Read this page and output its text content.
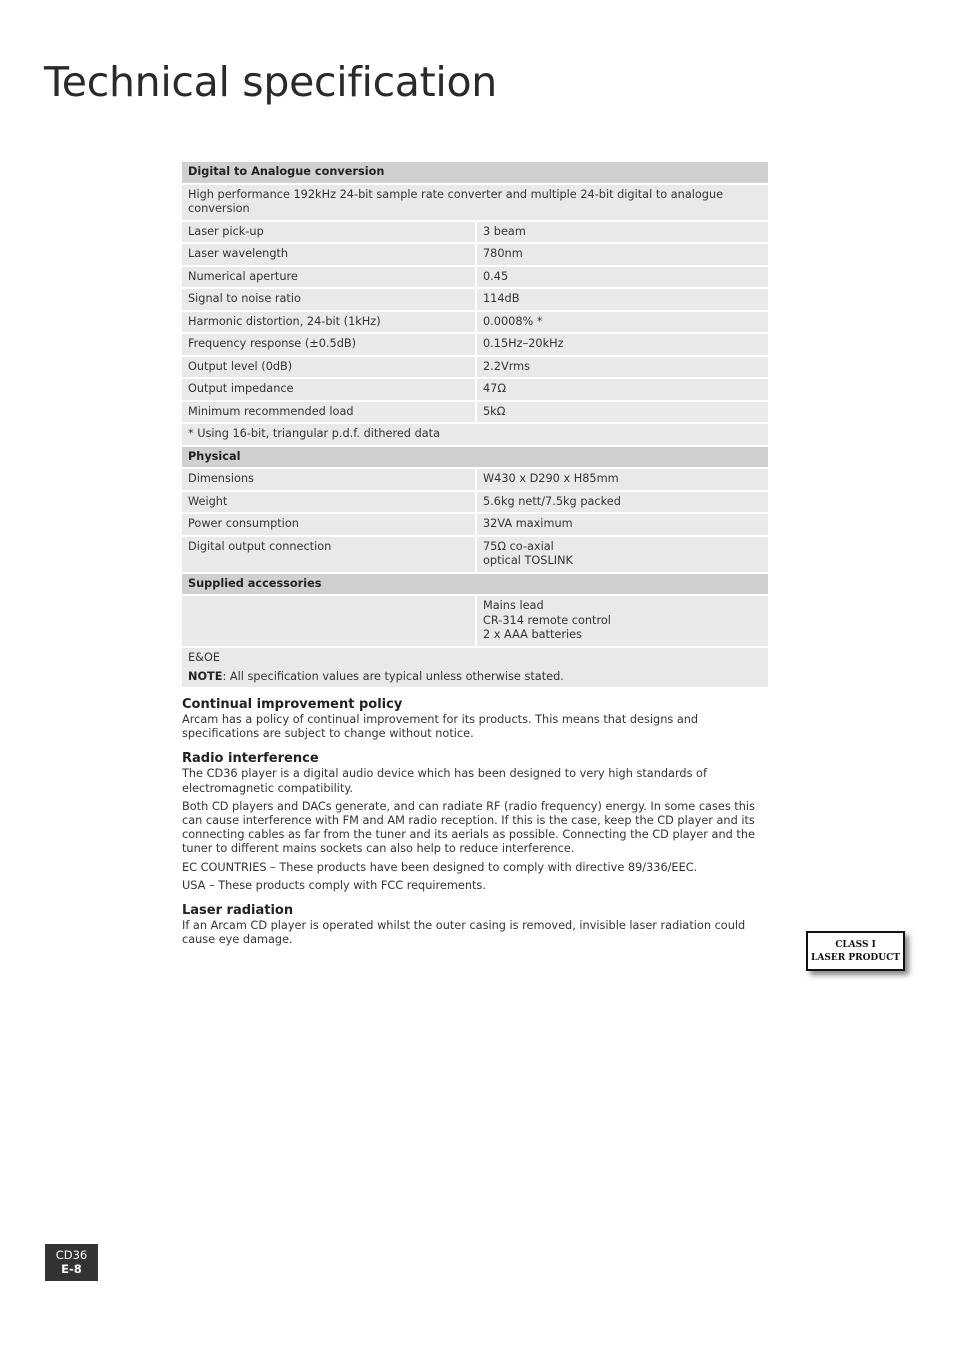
Technical specification
Digital to Analogue conversion	
High performance 192kHz 24-bit sample rate converter and multiple 24-bit digital to analogue conversion	
Laser pick-up	3 beam
Laser wavelength	780nm
Numerical aperture	0.45
Signal to noise ratio	114dB
Harmonic distortion, 24-bit (1kHz)	0.0008% *
Frequency response (±0.5dB)	0.15Hz–20kHz
Output level (0dB)	2.2Vrms
Output impedance	47Ω
Minimum recommended load	5kΩ
* Using 16-bit, triangular p.d.f. dithered data	
Physical	
Dimensions	W430 x D290 x H85mm
Weight	5.6kg nett/7.5kg packed
Power consumption	32VA maximum
Digital output connection	75Ω co-axial
optical TOSLINK

Supplied accessories	

	Mains lead
CR-314 remote control
2 x AAA batteries

E&OE	
NOTE: All specification values are typical unless otherwise stated.
Continual improvement policy

Arcam has a policy of continual improvement for its products. This means that designs and specifications are subject to change without notice.

Radio interference

The CD36 player is a digital audio device which has been designed to very high standards of electromagnetic compatibility.

Both CD players and DACs generate, and can radiate RF (radio frequency) energy. In some cases this can cause interference with FM and AM radio reception. If this is the case, keep the CD player and its connecting cables as far from the tuner and its aerials as possible. Connecting the CD player and the tuner to different mains sockets can also help to reduce interference.

EC COUNTRIES – These products have been designed to comply with directive 89/336/EEC.

USA – These products comply with FCC requirements.

Laser radiation

If an Arcam CD player is operated whilst the outer casing is removed, invisible laser radiation could cause eye damage.	CLASS I
LASER PRODUCT
CD36
E-8
